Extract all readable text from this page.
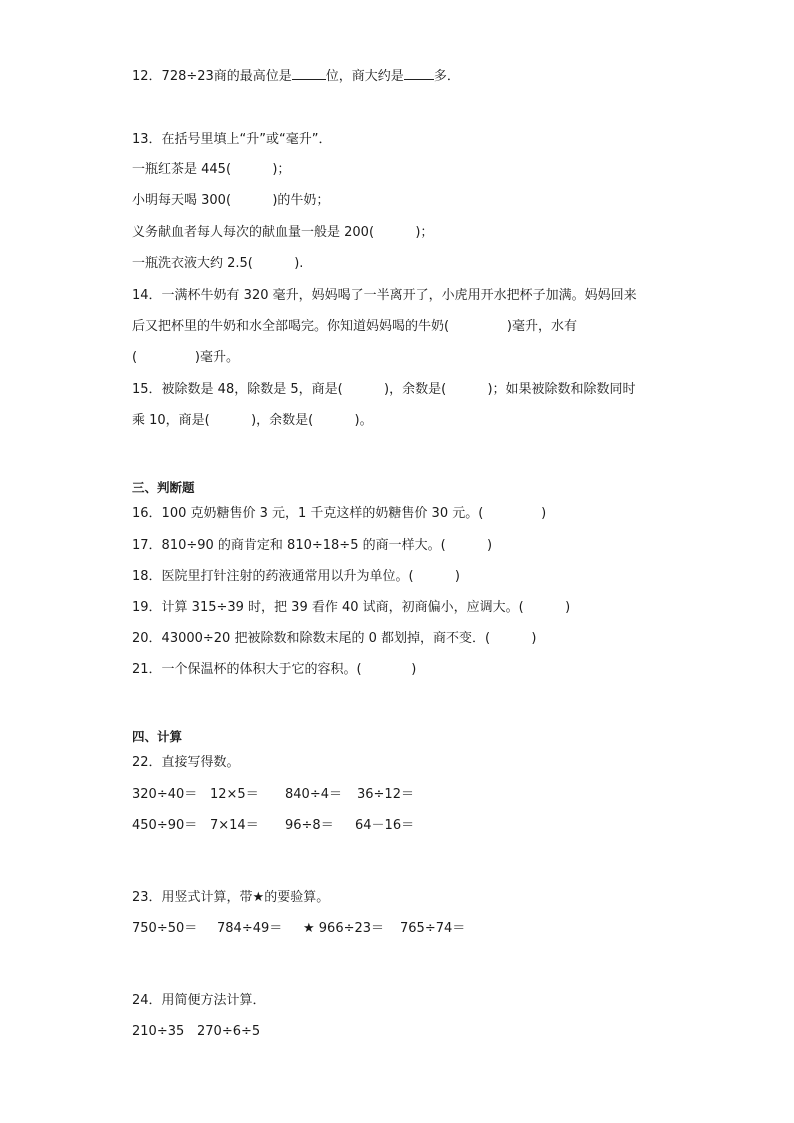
12．728÷23商的最高位是	位，商大约是 多．
13．在括号里填上“升”或“毫升”．
一瓶红茶是 445(          )；
小明每天喝 300(          )的牛奶；
义务献血者每人每次的献血量一般是 200(          )；
一瓶洗衣液大约 2.5(          ).
14．一满杯牛奶有 320 毫升，妈妈喝了一半离开了，小虎用开水把杯子加满。妈妈回来
后又把杯里的牛奶和水全部喝完。你知道妈妈喝的牛奶(              )毫升，水有
(              )毫升。
15．被除数是 48，除数是 5，商是(          )，余数是(          )；如果被除数和除数同时
乘 10，商是(          )，余数是(          )。
三、判断题
16．100 克奶糖售价 3 元，1 千克这样的奶糖售价 30 元。(              )
17．810÷90 的商肯定和 810÷18÷5 的商一样大。(          )
18．医院里打针注射的药液通常用以升为单位。(          )
19．计算 315÷39 时，把 39 看作 40 试商，初商偏小，应调大。(          )
20．43000÷20 把被除数和除数末尾的 0 都划掉，商不变．(          )
21．一个保温杯的体积大于它的容积。(            )
四、计算
22．直接写得数。
320÷40＝ 12×5＝ 840÷4＝ 36÷12＝
450÷90＝ 7×14＝ 96÷8＝ 64－16＝
23．用竖式计算，带★的要验算。
750÷50＝ 784÷49＝ ★ 966÷23＝ 765÷74＝
24．用简便方法计算．
210÷35 270÷6÷5
